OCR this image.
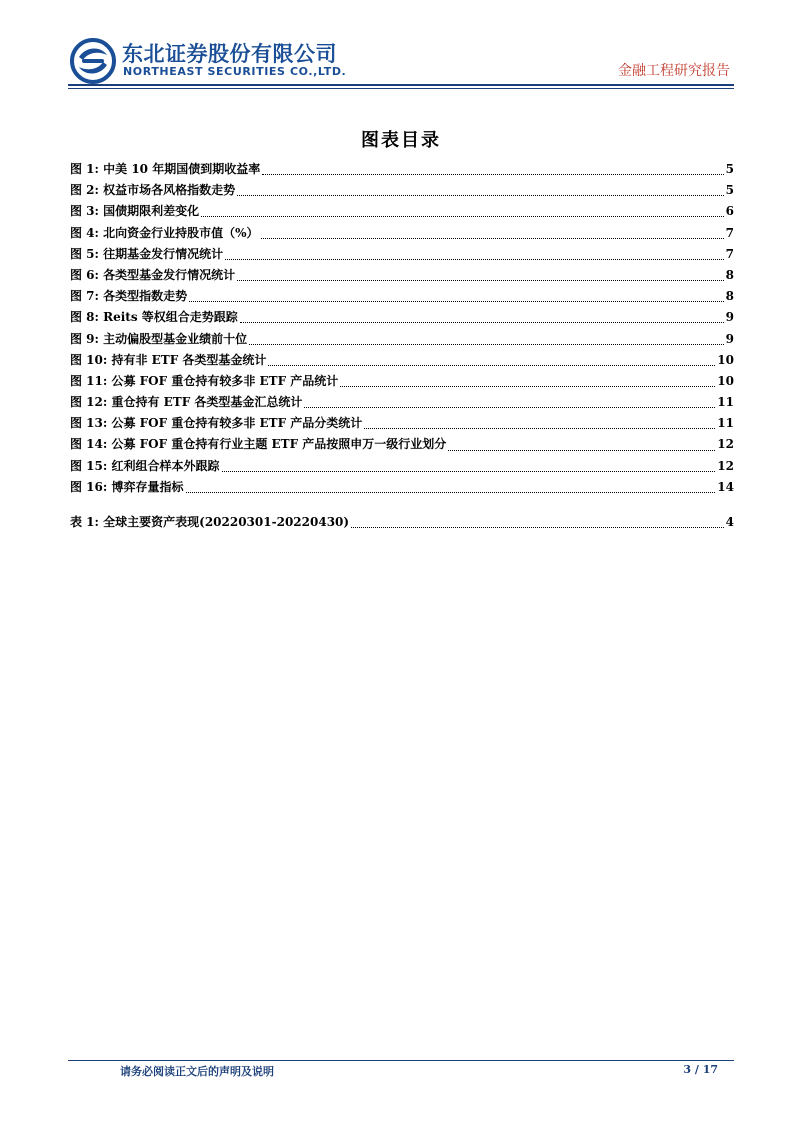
东北证券股份有限公司
NORTHEAST SECURITIES CO.,LTD.	金融工程研究报告
图表目录
图 1: 中美 10 年期国债到期收益率	5
图 2: 权益市场各风格指数走势	5
图 3: 国债期限利差变化	6
图 4: 北向资金行业持股市值（%）	7
图 5: 往期基金发行情况统计	7
图 6: 各类型基金发行情况统计	8
图 7: 各类型指数走势	8
图 8: Reits 等权组合走势跟踪	9
图 9: 主动偏股型基金业绩前十位	9
图 10: 持有非 ETF 各类型基金统计	10
图 11: 公募 FOF 重仓持有较多非 ETF 产品统计	10
图 12: 重仓持有 ETF 各类型基金汇总统计	11
图 13: 公募 FOF 重仓持有较多非 ETF 产品分类统计	11
图 14: 公募 FOF 重仓持有行业主题 ETF 产品按照申万一级行业划分	12
图 15: 红利组合样本外跟踪	12
图 16: 博弈存量指标	14
表 1: 全球主要资产表现(20220301-20220430)	4
请务必阅读正文后的声明及说明	3 / 17
